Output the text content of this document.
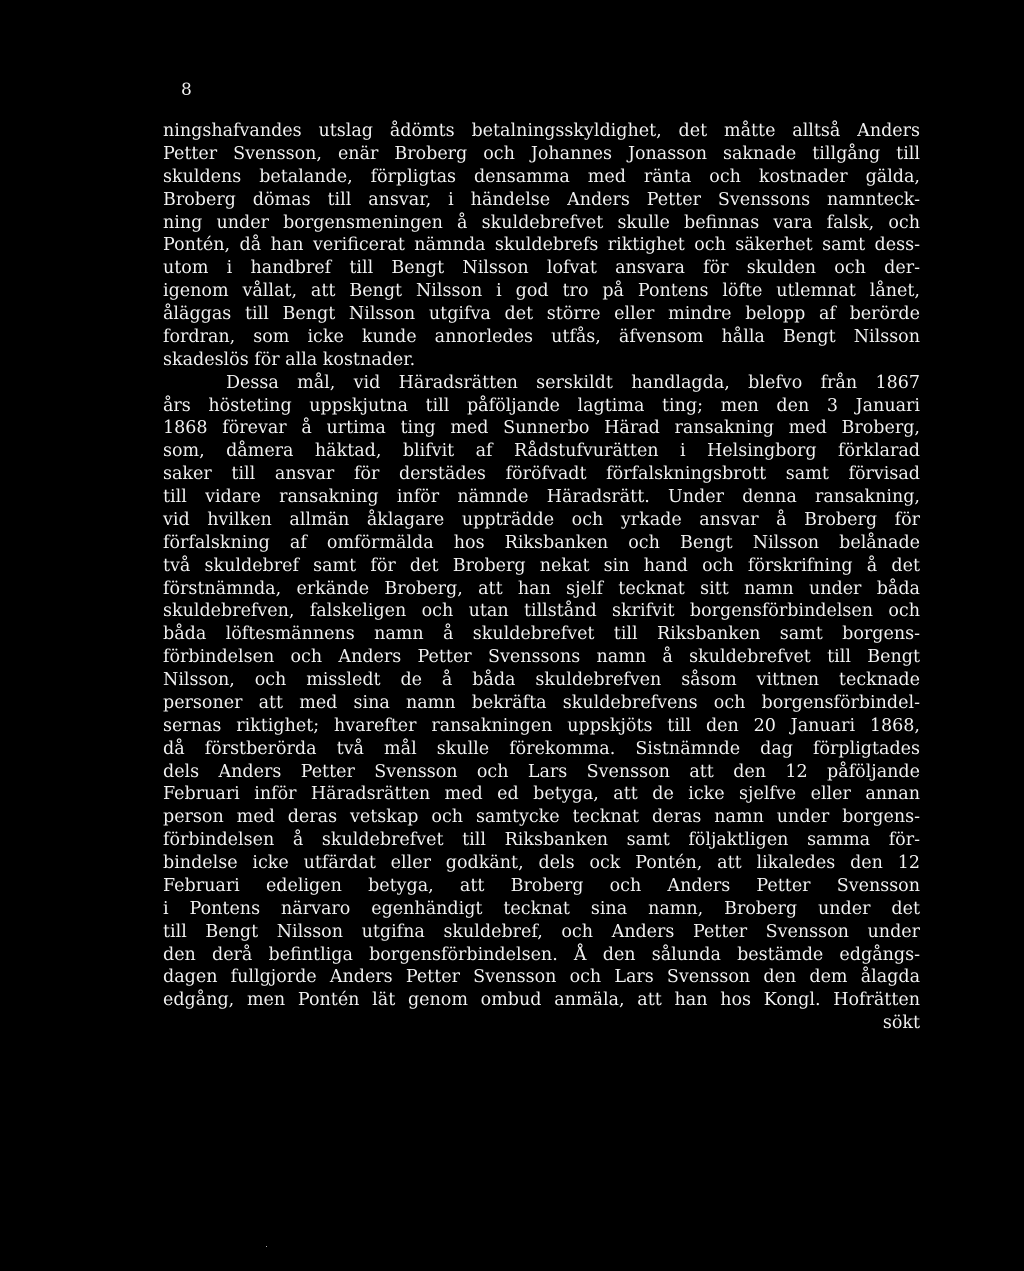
8
ningshafvandes utslag ådömts betalningsskyldighet, det måtte alltså Anders
Petter Svensson, enär Broberg och Johannes Jonasson saknade tillgång till
skuldens betalande, förpligtas densamma med ränta och kostnader gälda,
Broberg dömas till ansvar, i händelse Anders Petter Svenssons namnteck-
ning under borgensmeningen å skuldebrefvet skulle befinnas vara falsk, och
Pontén, då han verificerat nämnda skuldebrefs riktighet och säkerhet samt dess-
utom i handbref till Bengt Nilsson lofvat ansvara för skulden och der-
igenom vållat, att Bengt Nilsson i god tro på Pontens löfte utlemnat lånet,
åläggas till Bengt Nilsson utgifva det större eller mindre belopp af berörde
fordran, som icke kunde annorledes utfås, äfvensom hålla Bengt Nilsson
skadeslös för alla kostnader.
Dessa mål, vid Häradsrätten serskildt handlagda, blefvo från 1867
års hösteting uppskjutna till påföljande lagtima ting; men den 3 Januari
1868 förevar å urtima ting med Sunnerbo Härad ransakning med Broberg,
som, dåmera häktad, blifvit af Rådstufvurätten i Helsingborg förklarad
saker till ansvar för derstädes föröfvadt förfalskningsbrott samt förvisad
till vidare ransakning inför nämnde Häradsrätt. Under denna ransakning,
vid hvilken allmän åklagare uppträdde och yrkade ansvar å Broberg för
förfalskning af omförmälda hos Riksbanken och Bengt Nilsson belånade
två skuldebref samt för det Broberg nekat sin hand och förskrifning å det
förstnämnda, erkände Broberg, att han sjelf tecknat sitt namn under båda
skuldebrefven, falskeligen och utan tillstånd skrifvit borgensförbindelsen och
båda löftesmännens namn å skuldebrefvet till Riksbanken samt borgens-
förbindelsen och Anders Petter Svenssons namn å skuldebrefvet till Bengt
Nilsson, och missledt de å båda skuldebrefven såsom vittnen tecknade
personer att med sina namn bekräfta skuldebrefvens och borgensförbindel-
sernas riktighet; hvarefter ransakningen uppskjöts till den 20 Januari 1868,
då förstberörda två mål skulle förekomma. Sistnämnde dag förpligtades
dels Anders Petter Svensson och Lars Svensson att den 12 påföljande
Februari inför Häradsrätten med ed betyga, att de icke sjelfve eller annan
person med deras vetskap och samtycke tecknat deras namn under borgens-
förbindelsen å skuldebrefvet till Riksbanken samt följaktligen samma för-
bindelse icke utfärdat eller godkänt, dels ock Pontén, att likaledes den 12
Februari edeligen betyga, att Broberg och Anders Petter Svensson
i Pontens närvaro egenhändigt tecknat sina namn, Broberg under det
till Bengt Nilsson utgifna skuldebref, och Anders Petter Svensson under
den derå befintliga borgensförbindelsen. Å den sålunda bestämde edgångs-
dagen fullgjorde Anders Petter Svensson och Lars Svensson den dem ålagda
edgång, men Pontén lät genom ombud anmäla, att han hos Kongl. Hofrätten
sökt
